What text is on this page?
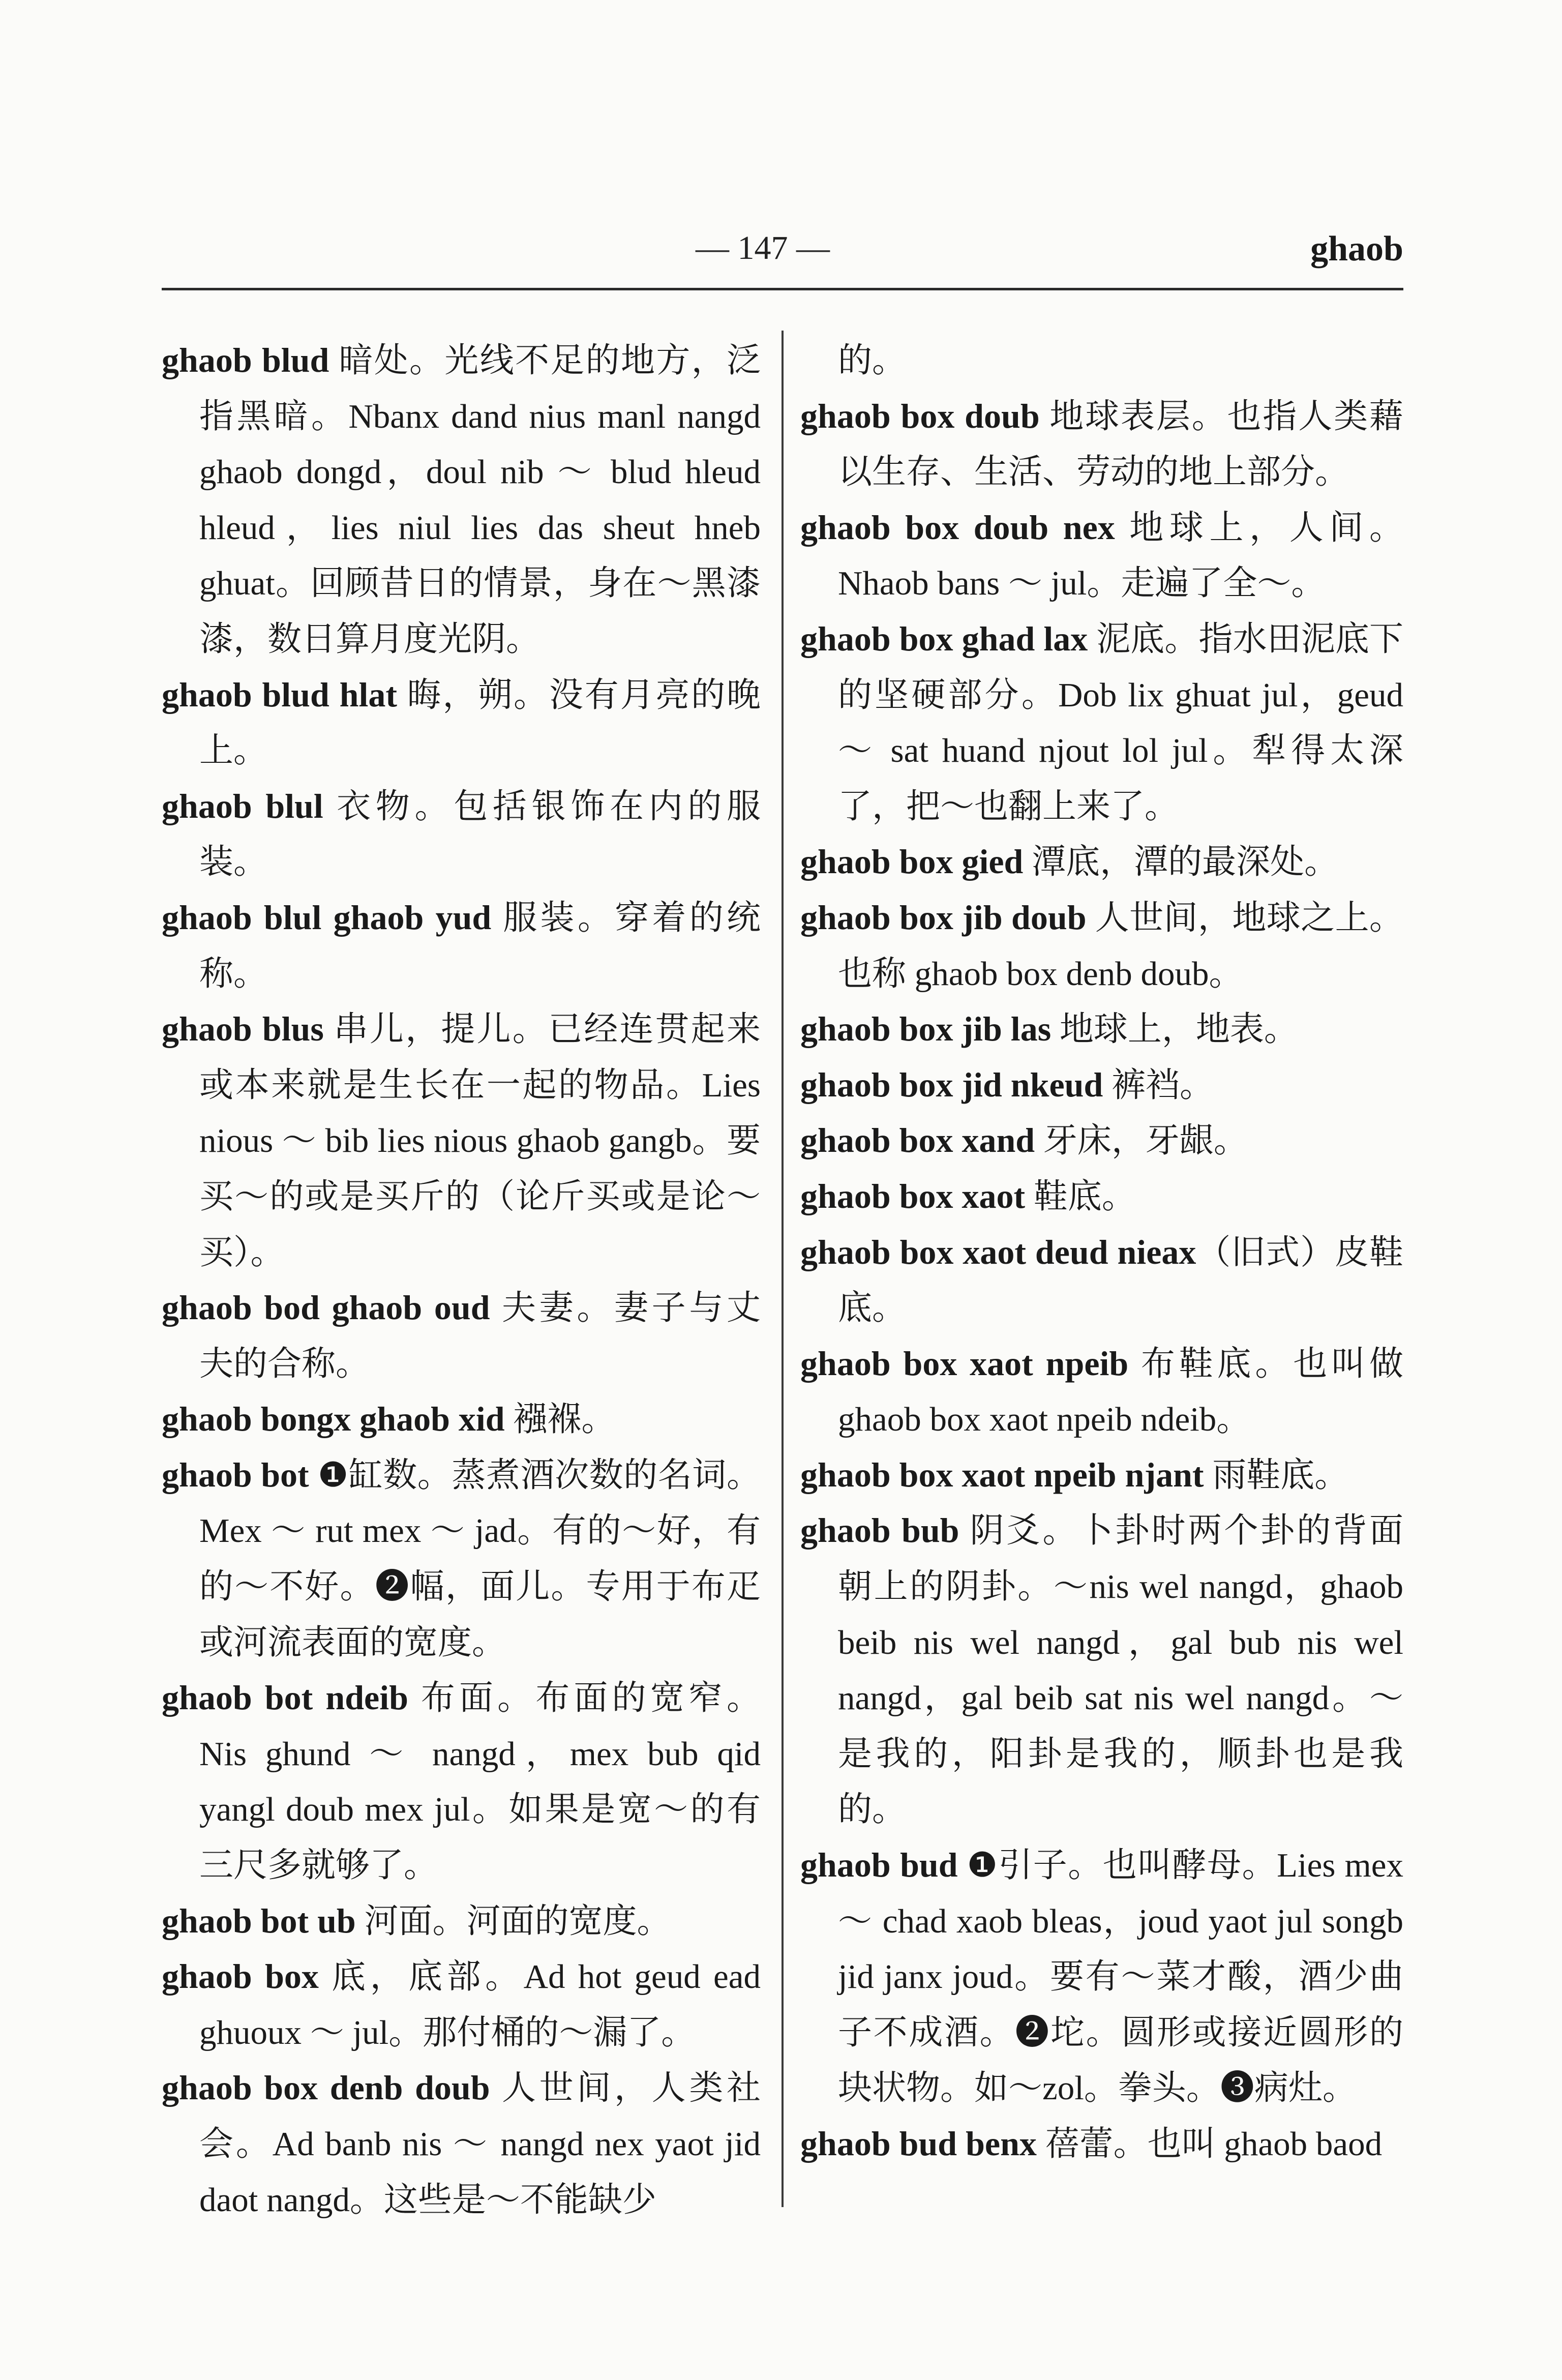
— 147 —	ghaob

ghaob blud 暗处。光线不足的地方，泛指黑暗。Nbanx dand nius manl nangd ghaob dongd，doul nib ～ blud hleud hleud，lies niul lies das sheut hneb ghuat。回顾昔日的情景，身在～黑漆漆，数日算月度光阴。

ghaob blud hlat 晦，朔。没有月亮的晚上。

ghaob blul 衣物。包括银饰在内的服装。

ghaob blul ghaob yud 服装。穿着的统称。

ghaob blus 串儿，提儿。已经连贯起来或本来就是生长在一起的物品。Lies nious ～ bib lies nious ghaob gangb。要买～的或是买斤的（论斤买或是论～买）。

ghaob bod ghaob oud 夫妻。妻子与丈夫的合称。

ghaob bongx ghaob xid 襁褓。

ghaob bot ❶缸数。蒸煮酒次数的名词。Mex ～ rut mex ～ jad。有的～好，有的～不好。❷幅，面儿。专用于布疋或河流表面的宽度。

ghaob bot ndeib 布面。布面的宽窄。Nis ghund ～ nangd，mex bub qid yangl doub mex jul。如果是宽～的有三尺多就够了。

ghaob bot ub 河面。河面的宽度。

ghaob box 底，底部。Ad hot geud ead ghuoux ～ jul。那付桶的～漏了。

ghaob box denb doub 人世间，人类社会。Ad banb nis ～ nangd nex yaot jid daot nangd。这些是～不能缺少

的。

ghaob box doub 地球表层。也指人类藉以生存、生活、劳动的地上部分。

ghaob box doub nex 地球上，人间。Nhaob bans ～ jul。走遍了全～。

ghaob box ghad lax 泥底。指水田泥底下的坚硬部分。Dob lix ghuat jul，geud ～ sat huand njout lol jul。犁得太深了，把～也翻上来了。

ghaob box gied 潭底，潭的最深处。

ghaob box jib doub 人世间，地球之上。也称 ghaob box denb doub。

ghaob box jib las 地球上，地表。

ghaob box jid nkeud 裤裆。

ghaob box xand 牙床，牙龈。

ghaob box xaot 鞋底。

ghaob box xaot deud nieax（旧式）皮鞋底。

ghaob box xaot npeib 布鞋底。也叫做 ghaob box xaot npeib ndeib。

ghaob box xaot npeib njant 雨鞋底。

ghaob bub 阴爻。卜卦时两个卦的背面朝上的阴卦。～nis wel nangd，ghaob beib nis wel nangd，gal bub nis wel nangd，gal beib sat nis wel nangd。～是我的，阳卦是我的，顺卦也是我的。

ghaob bud ❶引子。也叫酵母。Lies mex ～ chad xaob bleas，joud yaot jul songb jid janx joud。要有～菜才酸，酒少曲子不成酒。❷坨。圆形或接近圆形的块状物。如～zol。拳头。❸病灶。

ghaob bud benx 蓓蕾。也叫 ghaob baod
